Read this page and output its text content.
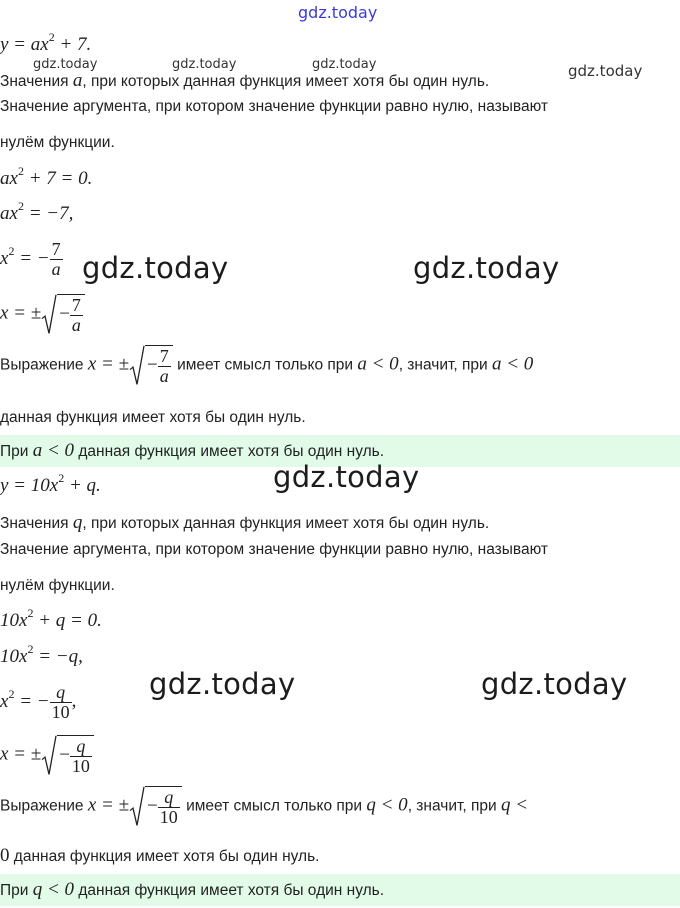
gdz.today
gdz.today	gdz.today	gdz.today	gdz.today
$y = ax^2 + 7$.
Значения a, при которых данная функция имеет хотя бы один нуль.
Значение аргумента, при котором значение функции равно нулю, называют
нулём функции.
$ax^2 + 7 = 0$.
$ax^2 = -7$,
$x^2$ = − $\frac{7}{a}$
x = ± − $\frac{7}{a}$
Выражение x = ± − $\frac{7}{a}$ имеет смысл только при a < 0, значит, при a < 0
данная функция имеет хотя бы один нуль.
При a < 0 данная функция имеет хотя бы один нуль.
$y = 10x^2 + q$.
Значения q, при которых данная функция имеет хотя бы один нуль.
Значение аргумента, при котором значение функции равно нулю, называют
нулём функции.
$10x^2 + q = 0$.
$10x^2 = -q$,
$x^2$ = − $\frac{q}{10}$ ,
x = ± − $\frac{q}{10}$
Выражение x = ± − $\frac{q}{10}$ имеет смысл только при q < 0, значит, при q <
0 данная функция имеет хотя бы один нуль.
При q < 0 данная функция имеет хотя бы один нуль.
gdz.today	gdz.today
gdz.today
gdz.today	gdz.today
